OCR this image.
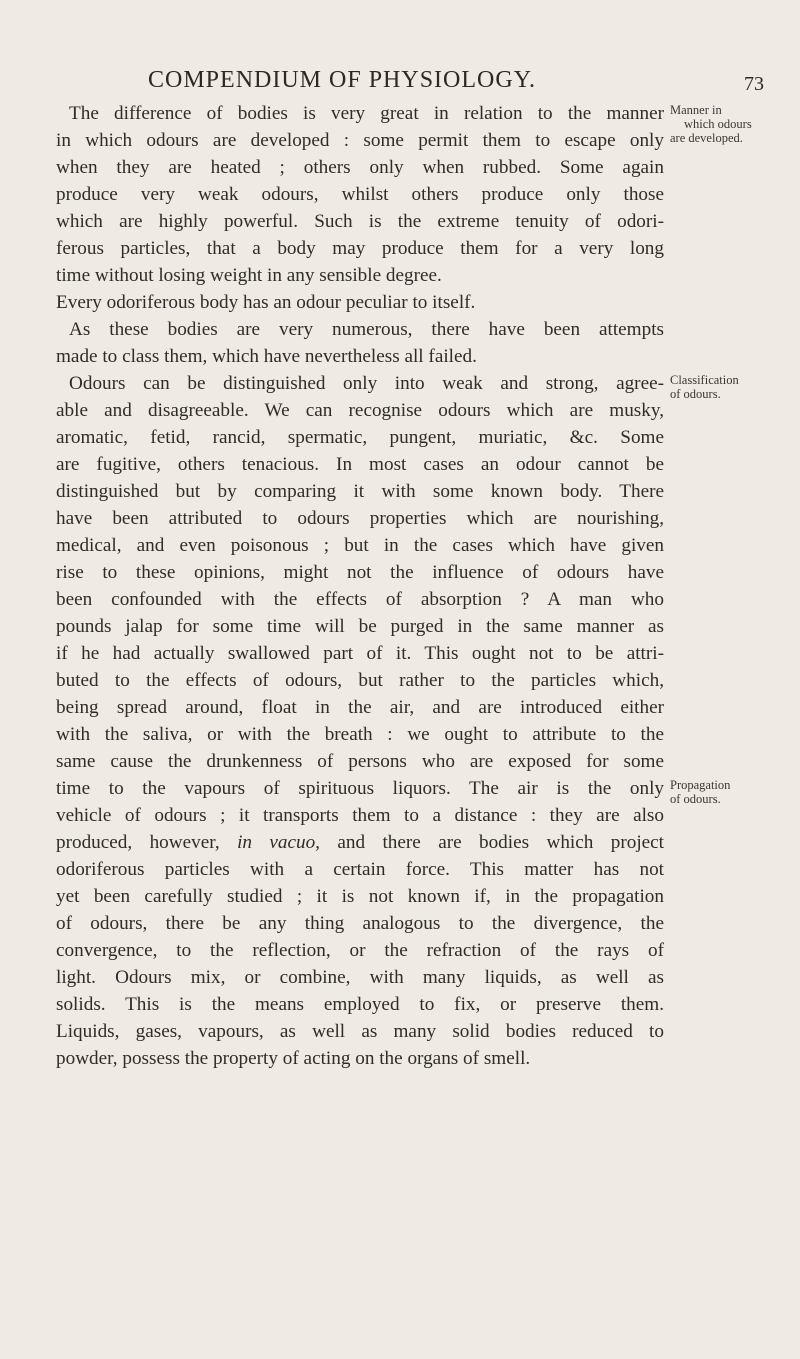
COMPENDIUM OF PHYSIOLOGY.	73
The difference of bodies is very great in relation to the manner
in which odours are developed : some permit them to escape only
when they are heated ; others only when rubbed. Some again
produce very weak odours, whilst others produce only those
which are highly powerful. Such is the extreme tenuity of odori-
ferous particles, that a body may produce them for a very long
time without losing weight in any sensible degree.
Every odoriferous body has an odour peculiar to itself.
As these bodies are very numerous, there have been attempts
made to class them, which have nevertheless all failed.
Odours can be distinguished only into weak and strong, agree-
able and disagreeable. We can recognise odours which are musky,
aromatic, fetid, rancid, spermatic, pungent, muriatic, &c. Some
are fugitive, others tenacious. In most cases an odour cannot be
distinguished but by comparing it with some known body. There
have been attributed to odours properties which are nourishing,
medical, and even poisonous ; but in the cases which have given
rise to these opinions, might not the influence of odours have
been confounded with the effects of absorption ? A man who
pounds jalap for some time will be purged in the same manner as
if he had actually swallowed part of it. This ought not to be attri-
buted to the effects of odours, but rather to the particles which,
being spread around, float in the air, and are introduced either
with the saliva, or with the breath : we ought to attribute to the
same cause the drunkenness of persons who are exposed for some
time to the vapours of spirituous liquors. The air is the only
vehicle of odours ; it transports them to a distance : they are also
produced, however, in vacuo, and there are bodies which project
odoriferous particles with a certain force. This matter has not
yet been carefully studied ; it is not known if, in the propagation
of odours, there be any thing analogous to the divergence, the
convergence, to the reflection, or the refraction of the rays of
light. Odours mix, or combine, with many liquids, as well as
solids. This is the means employed to fix, or preserve them.
Liquids, gases, vapours, as well as many solid bodies reduced to
powder, possess the property of acting on the organs of smell.
Manner in
which odours
are developed.
Classification
of odours.
Propagation
of odours.
